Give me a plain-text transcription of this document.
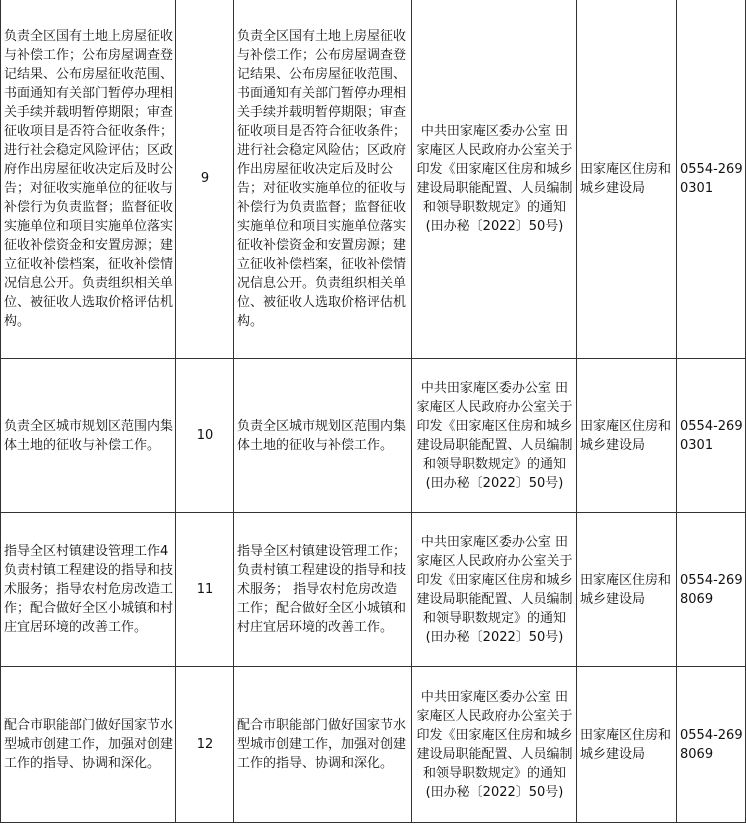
负责全区国有土地上房屋征收与补偿工作；公布房屋调查登记结果、公布房屋征收范围、书面通知有关部门暂停办理相关手续并载明暂停期限；审查征收项目是否符合征收条件；进行社会稳定风险评估；区政府作出房屋征收决定后及时公告；对征收实施单位的征收与补偿行为负责监督；监督征收实施单位和项目实施单位落实征收补偿资金和安置房源；建立征收补偿档案，征收补偿情况信息公开。负责组织相关单位、被征收人选取价格评估机构。	9	负责全区国有土地上房屋征收与补偿工作；公布房屋调查登记结果、公布房屋征收范围、书面通知有关部门暂停办理相关手续并载明暂停期限；审查征收项目是否符合征收条件；进行社会稳定风险估；区政府作出房屋征收决定后及时公告；对征收实施单位的征收与补偿行为负责监督；监督征收实施单位和项目实施单位落实征收补偿资金和安置房源；建立征收补偿档案，征收补偿情况信息公开。负责组织相关单位、被征收人选取价格评估机构。	中共田家庵区委办公室 田家庵区人民政府办公室关于印发《田家庵区住房和城乡建设局职能配置、人员编制和领导职数规定》的通知(田办秘〔2022〕50号)	田家庵区住房和城乡建设局	0554-2690301
负责全区城市规划区范围内集体土地的征收与补偿工作。	10	负责全区城市规划区范围内集体土地的征收与补偿工作。	中共田家庵区委办公室 田家庵区人民政府办公室关于印发《田家庵区住房和城乡建设局职能配置、人员编制和领导职数规定》的通知(田办秘〔2022〕50号)	田家庵区住房和城乡建设局	0554-2690301
指导全区村镇建设管理工作4负责村镇工程建设的指导和技术服务；指导农村危房改造工作；配合做好全区小城镇和村庄宜居环境的改善工作。	11	指导全区村镇建设管理工作；负责村镇工程建设的指导和技术服务； 指导农村危房改造工作；配合做好全区小城镇和村庄宜居环境的改善工作。	中共田家庵区委办公室 田家庵区人民政府办公室关于印发《田家庵区住房和城乡建设局职能配置、人员编制和领导职数规定》的通知(田办秘〔2022〕50号)	田家庵区住房和城乡建设局	0554-2698069
配合市职能部门做好国家节水型城市创建工作，加强对创建工作的指导、协调和深化。	12	配合市职能部门做好国家节水型城市创建工作，加强对创建工作的指导、协调和深化。	中共田家庵区委办公室 田家庵区人民政府办公室关于印发《田家庵区住房和城乡建设局职能配置、人员编制和领导职数规定》的通知(田办秘〔2022〕50号)	田家庵区住房和城乡建设局	0554-2698069
